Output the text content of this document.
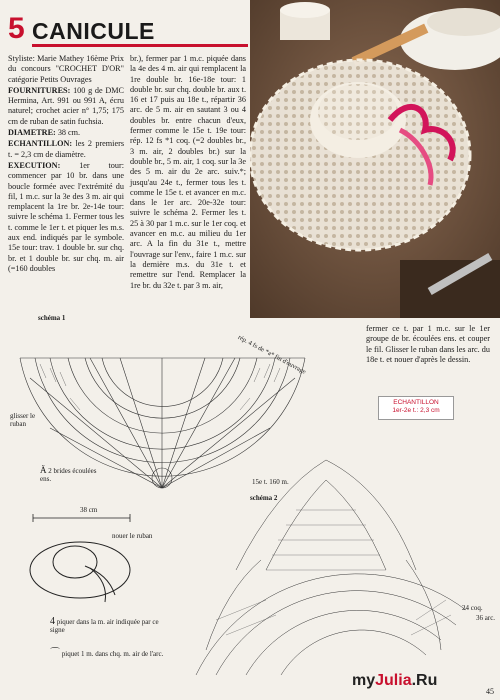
5 CANICULE

Styliste: Marie Mathey 16ème Prix du concours "CROCHET D'OR" catégorie Petits Ouvrages

FOURNITURES: 100 g de DMC Hermina, Art. 991 ou 991 A, écru naturel; crochet acier n° 1,75; 175 cm de ruban de satin fuchsia.

DIAMETRE: 38 cm.

ECHANTILLON: les 2 premiers t. = 2,3 cm de diamètre.

EXECUTION: 1er tour: commencer par 10 br. dans une boucle formée avec l'extrémité du fil, 1 m.c. sur la 3e des 3 m. air qui remplacent la 1re br. 2e-14e tour: suivre le schéma 1. Fermer tous les t. comme le 1er t. et piquer les m.s. aux end. indiqués par le symbole. 15e tour: trav. 1 double br. sur chq. br. et 1 double br. sur chq. m. air (=160 doubles

br.), fermer par 1 m.c. piquée dans la 4e des 4 m. air qui remplacent la 1re double br. 16e-18e tour: 1 double br. sur chq. double br. aux t. 16 et 17 puis au 18e t., répartir 36 arc. de 5 m. air en sautant 3 ou 4 doubles br. entre chacun d'eux, fermer comme le 15e t. 19e tour: rép. 12 fs *1 coq. (=2 doubles br., 3 m. air, 2 doubles br.) sur la double br., 5 m. air, 1 coq. sur la 3e des 5 m. air du 2e arc. suiv.*; jusqu'au 24e t., fermer tous les t. comme le 15e t. et avancer en m.c. dans le 1er arc. 20e-32e tour: suivre le schéma 2. Fermer les t. 25 à 30 par 1 m.c. sur le 1er coq. et avancer en m.c. au milieu du 1er arc. A la fin du 31e t., mettre l'ouvrage sur l'env., faire 1 m.c. sur la dernière m.s. du 31e t. et remettre sur l'end. Remplacer la 1re br. du 32e t. par 3 m. air,

fermer ce t. par 1 m.c. sur le 1er groupe de br. écoulées ens. et couper le fil. Glisser le ruban dans les arc. du 18e t. et nouer d'après le dessin.

ECHANTILLON
1er-2e t.: 2,3 cm
schéma 1
rép. 4 fs de *a* fin d'ouvrage
glisser le ruban
15e t. 160 m.
Ä 2 brides écoulées ens.
schéma 2
24 coq.
36 arc.
38 cm
nouer le ruban
4 piquer dans la m. air indiquée par ce signe
⌒ piquet 1 m. dans chq. m. air de l'arc.
myJulia.Ru
45
